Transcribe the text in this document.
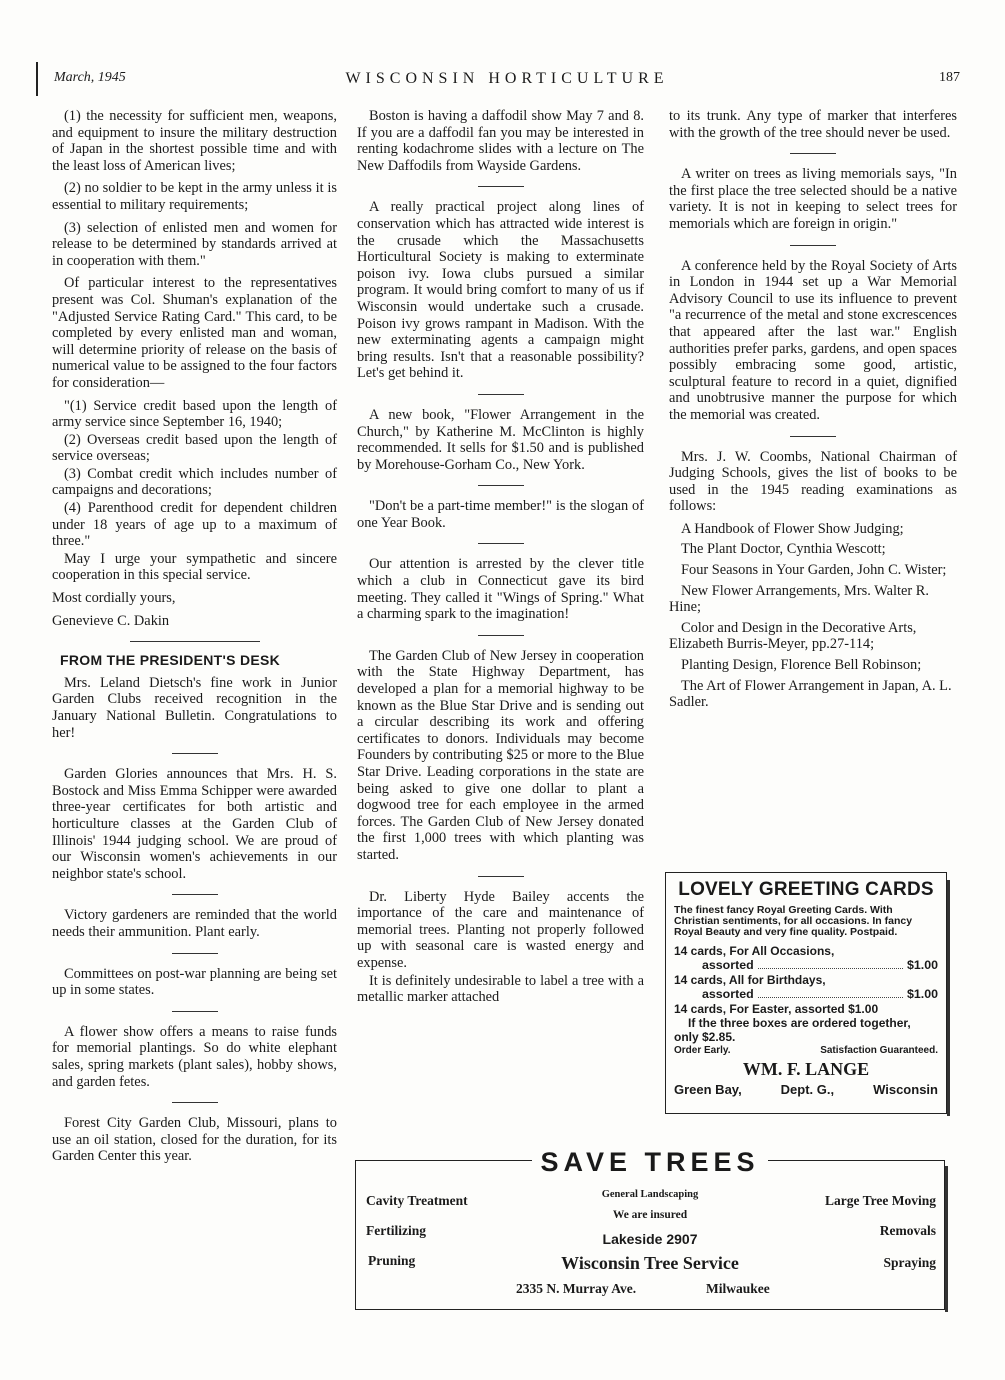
March, 1945	WISCONSIN HORTICULTURE	187

(1) the necessity for sufficient men, weapons, and equipment to insure the military destruction of Japan in the shortest possible time and with the least loss of American lives;

(2) no soldier to be kept in the army unless it is essential to military requirements;

(3) selection of enlisted men and women for release to be determined by standards arrived at in cooperation with them."

Of particular interest to the representatives present was Col. Shuman's explanation of the "Adjusted Service Rating Card." This card, to be completed by every enlisted man and woman, will determine priority of release on the basis of numerical value to be assigned to the four factors for consideration—

"(1) Service credit based upon the length of army service since September 16, 1940;

(2) Overseas credit based upon the length of service overseas;

(3) Combat credit which includes number of campaigns and decorations;

(4) Parenthood credit for dependent children under 18 years of age up to a maximum of three."

May I urge your sympathetic and sincere cooperation in this special service.

Most cordially yours,

Genevieve C. Dakin

FROM THE PRESIDENT'S DESK

Mrs. Leland Dietsch's fine work in Junior Garden Clubs received recognition in the January National Bulletin. Congratulations to her!

Garden Glories announces that Mrs. H. S. Bostock and Miss Emma Schipper were awarded three-year certificates for both artistic and horticulture classes at the Garden Club of Illinois' 1944 judging school. We are proud of our Wisconsin women's achievements in our neighbor state's school.

Victory gardeners are reminded that the world needs their ammunition. Plant early.

Committees on post-war planning are being set up in some states.

A flower show offers a means to raise funds for memorial plantings. So do white elephant sales, spring markets (plant sales), hobby shows, and garden fetes.

Forest City Garden Club, Missouri, plans to use an oil station, closed for the duration, for its Garden Center this year.

Boston is having a daffodil show May 7 and 8. If you are a daffodil fan you may be interested in renting kodachrome slides with a lecture on The New Daffodils from Wayside Gardens.

A really practical project along lines of conservation which has attracted wide interest is the crusade which the Massachusetts Horticultural Society is making to exterminate poison ivy. Iowa clubs pursued a similar program. It would bring comfort to many of us if Wisconsin would undertake such a crusade. Poison ivy grows rampant in Madison. With the new exterminating agents a campaign might bring results. Isn't that a reasonable possibility? Let's get behind it.

A new book, "Flower Arrangement in the Church," by Katherine M. McClinton is highly recommended. It sells for $1.50 and is published by Morehouse-Gorham Co., New York.

"Don't be a part-time member!" is the slogan of one Year Book.

Our attention is arrested by the clever title which a club in Connecticut gave its bird meeting. They called it "Wings of Spring." What a charming spark to the imagination!

The Garden Club of New Jersey in cooperation with the State Highway Department, has developed a plan for a memorial highway to be known as the Blue Star Drive and is sending out a circular describing its work and offering certificates to donors. Individuals may become Founders by contributing $25 or more to the Blue Star Drive. Leading corporations in the state are being asked to give one dollar to plant a dogwood tree for each employee in the armed forces. The Garden Club of New Jersey donated the first 1,000 trees with which planting was started.

Dr. Liberty Hyde Bailey accents the importance of the care and maintenance of memorial trees. Planting not properly followed up with seasonal care is wasted energy and expense.

It is definitely undesirable to label a tree with a metallic marker attached

to its trunk. Any type of marker that interferes with the growth of the tree should never be used.

A writer on trees as living memorials says, "In the first place the tree selected should be a native variety. It is not in keeping to select trees for memorials which are foreign in origin."

A conference held by the Royal Society of Arts in London in 1944 set up a War Memorial Advisory Council to use its influence to prevent "a recurrence of the metal and stone excrescences that appeared after the last war." English authorities prefer parks, gardens, and open spaces possibly embracing some good, artistic, sculptural feature to record in a quiet, dignified and unobtrusive manner the purpose for which the memorial was created.

Mrs. J. W. Coombs, National Chairman of Judging Schools, gives the list of books to be used in the 1945 reading examinations as follows:

A Handbook of Flower Show Judging;

The Plant Doctor, Cynthia Wescott;

Four Seasons in Your Garden, John C. Wister;

New Flower Arrangements, Mrs. Walter R. Hine;

Color and Design in the Decorative Arts, Elizabeth Burris-Meyer, pp.27-114;

Planting Design, Florence Bell Robinson;

The Art of Flower Arrangement in Japan, A. L. Sadler.

LOVELY GREETING CARDS
The finest fancy Royal Greeting Cards. With Christian sentiments, for all occasions. In fancy Royal Beauty and very fine quality. Postpaid.
14 cards, For All Occasions,
assorted	$1.00
14 cards, All for Birthdays,
assorted	$1.00
14 cards, For Easter, assorted $1.00
If the three boxes are ordered together, only $2.85.
Order Early.	Satisfaction Guaranteed.
WM. F. LANGE
Green Bay,	Dept. G.,	Wisconsin
SAVE TREES
Cavity Treatment
Fertilizing
Pruning
General Landscaping
We are insured
Lakeside 2907
Wisconsin Tree Service
2335 N. Murray Ave.	Milwaukee
Large Tree Moving
Removals
Spraying
